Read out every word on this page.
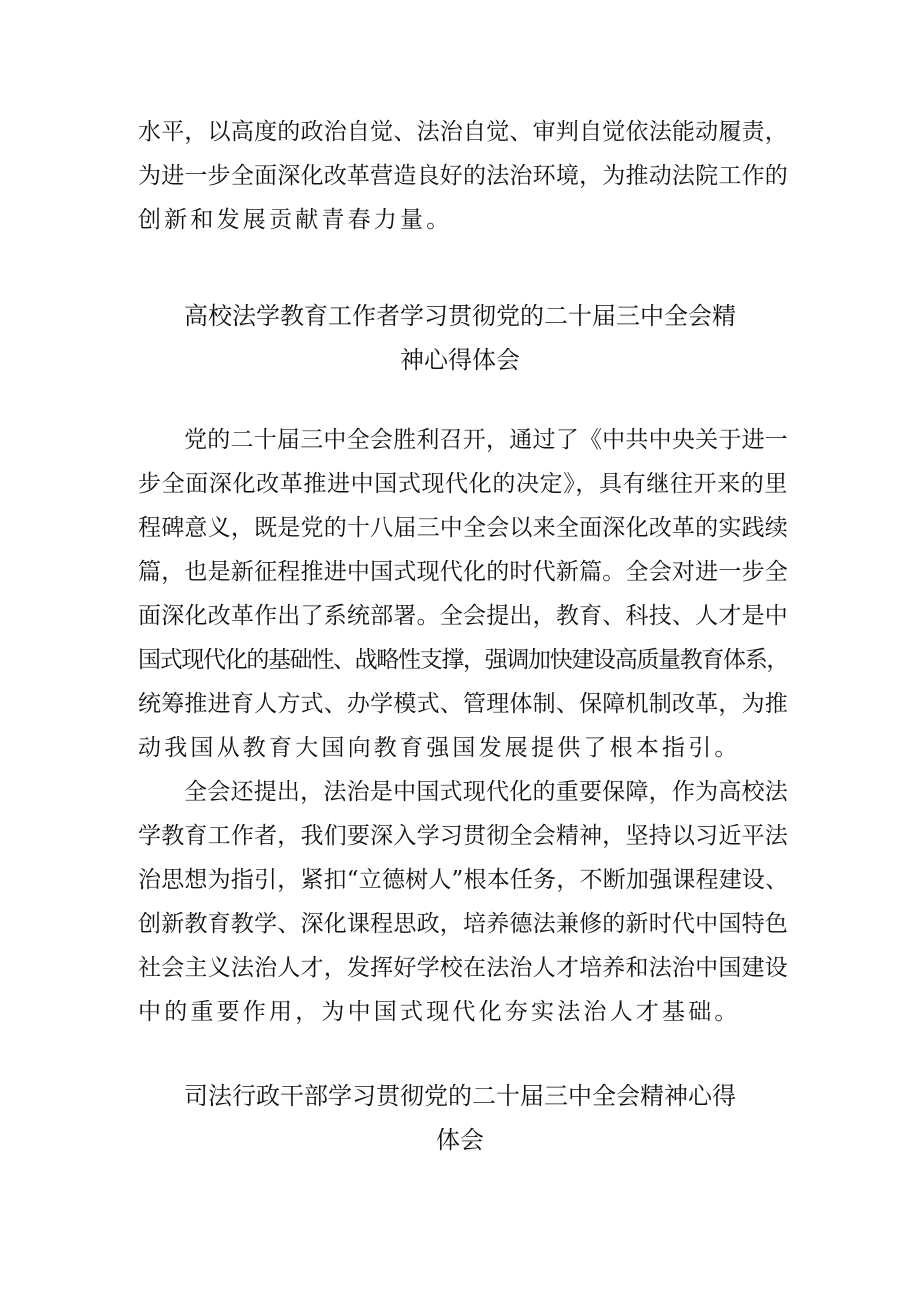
水平，以高度的政治自觉、法治自觉、审判自觉依法能动履责，
为进一步全面深化改革营造良好的法治环境，为推动法院工作的
创新和发展贡献青春力量。
高校法学教育工作者学习贯彻党的二十届三中全会精
神心得体会
党的二十届三中全会胜利召开，通过了《中共中央关于进一
步全面深化改革推进中国式现代化的决定》，具有继往开来的里
程碑意义，既是党的十八届三中全会以来全面深化改革的实践续
篇，也是新征程推进中国式现代化的时代新篇。全会对进一步全
面深化改革作出了系统部署。全会提出，教育、科技、人才是中
国式现代化的基础性、战略性支撑，强调加快建设高质量教育体系，
统筹推进育人方式、办学模式、管理体制、保障机制改革，为推
动我国从教育大国向教育强国发展提供了根本指引。
全会还提出，法治是中国式现代化的重要保障，作为高校法
学教育工作者，我们要深入学习贯彻全会精神，坚持以习近平法
治思想为指引，紧扣“立德树人”根本任务，不断加强课程建设、
创新教育教学、深化课程思政，培养德法兼修的新时代中国特色
社会主义法治人才，发挥好学校在法治人才培养和法治中国建设
中的重要作用，为中国式现代化夯实法治人才基础。
司法行政干部学习贯彻党的二十届三中全会精神心得
体会
